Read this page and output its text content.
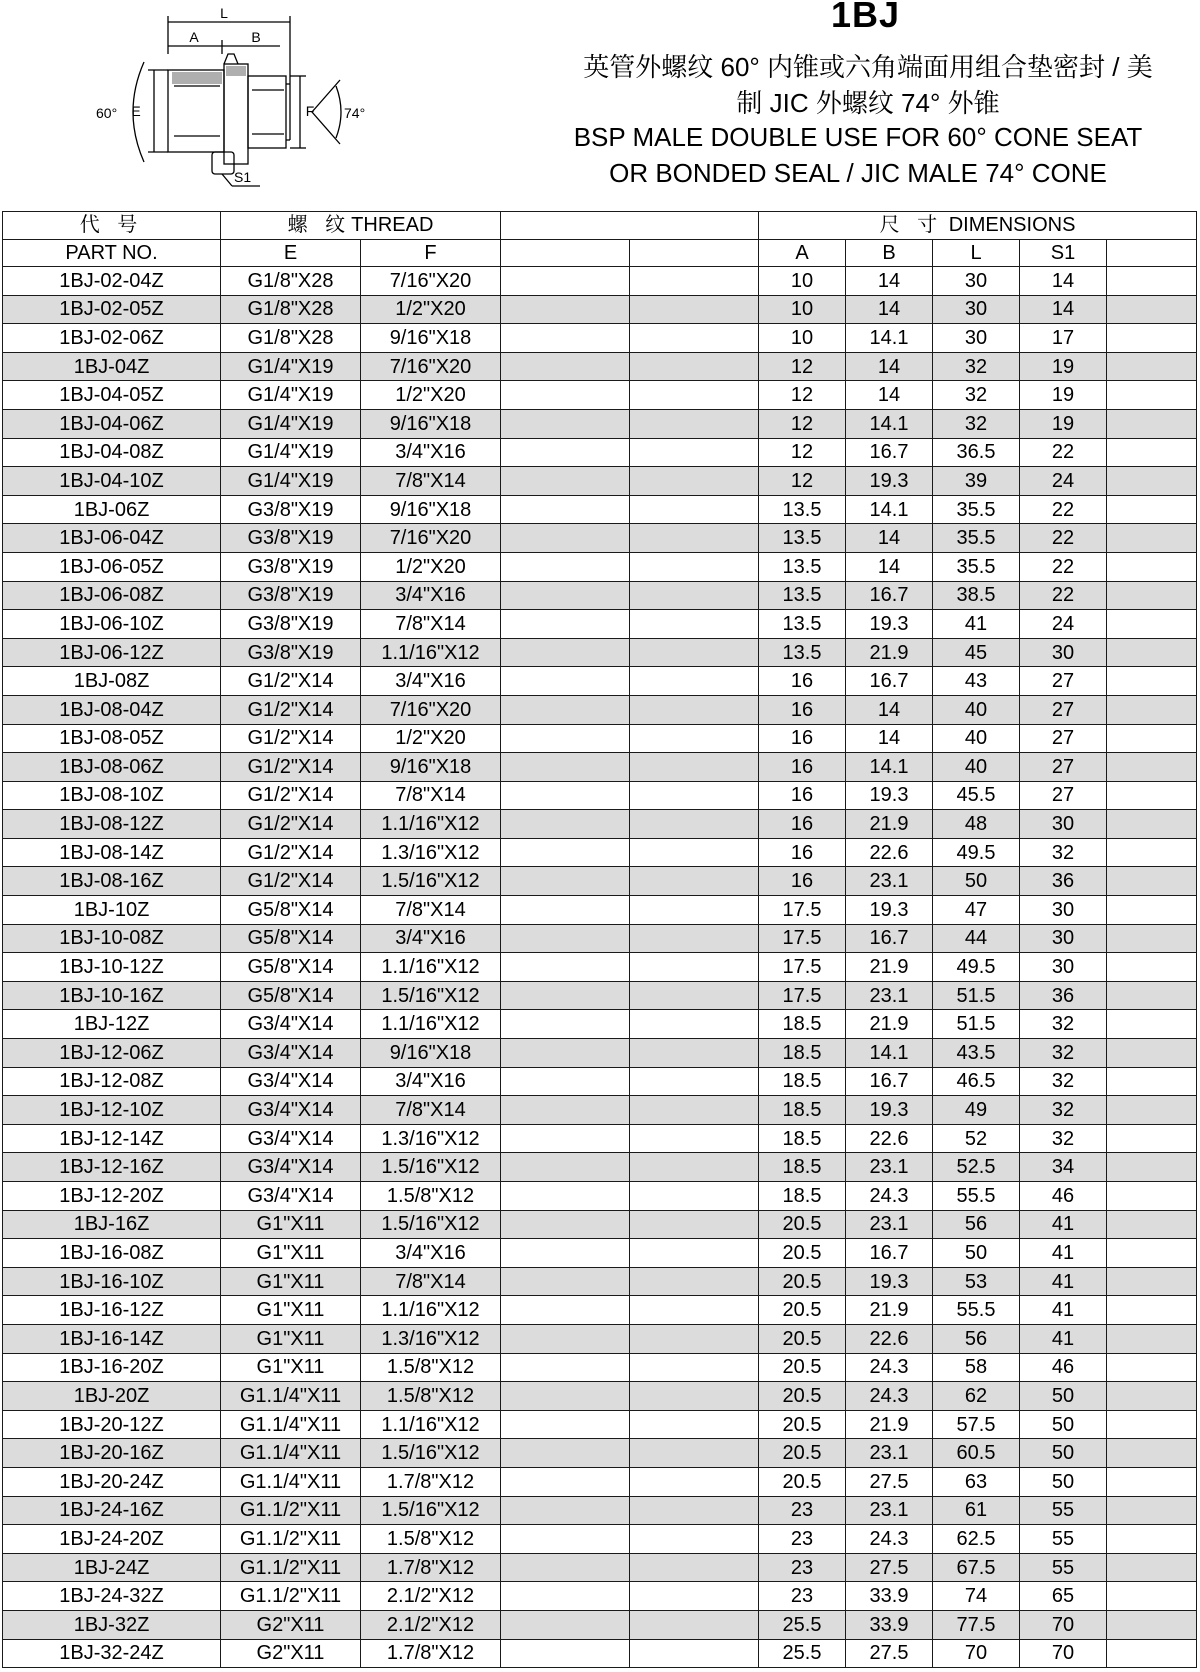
L
A	B
E	F
60°	74°
S1
1BJ
英管外螺纹 60° 内锥或六角端面用组合垫密封 / 美
制 JIC 外螺纹 74° 外锥
BSP MALE DOUBLE USE FOR 60° CONE SEAT
OR BONDED SEAL / JIC MALE 74° CONE
代 号	螺 纹THREAD				尺 寸 DIMENSIONS				
PART NO.	E	F			A	B	L	S1	
1BJ-02-04Z	G1/8"X28	7/16"X20			10	14	30	14	
1BJ-02-05Z	G1/8"X28	1/2"X20			10	14	30	14	
1BJ-02-06Z	G1/8"X28	9/16"X18			10	14.1	30	17	
1BJ-04Z	G1/4"X19	7/16"X20			12	14	32	19	
1BJ-04-05Z	G1/4"X19	1/2"X20			12	14	32	19	
1BJ-04-06Z	G1/4"X19	9/16"X18			12	14.1	32	19	
1BJ-04-08Z	G1/4"X19	3/4"X16			12	16.7	36.5	22	
1BJ-04-10Z	G1/4"X19	7/8"X14			12	19.3	39	24	
1BJ-06Z	G3/8"X19	9/16"X18			13.5	14.1	35.5	22	
1BJ-06-04Z	G3/8"X19	7/16"X20			13.5	14	35.5	22	
1BJ-06-05Z	G3/8"X19	1/2"X20			13.5	14	35.5	22	
1BJ-06-08Z	G3/8"X19	3/4"X16			13.5	16.7	38.5	22	
1BJ-06-10Z	G3/8"X19	7/8"X14			13.5	19.3	41	24	
1BJ-06-12Z	G3/8"X19	1.1/16"X12			13.5	21.9	45	30	
1BJ-08Z	G1/2"X14	3/4"X16			16	16.7	43	27	
1BJ-08-04Z	G1/2"X14	7/16"X20			16	14	40	27	
1BJ-08-05Z	G1/2"X14	1/2"X20			16	14	40	27	
1BJ-08-06Z	G1/2"X14	9/16"X18			16	14.1	40	27	
1BJ-08-10Z	G1/2"X14	7/8"X14			16	19.3	45.5	27	
1BJ-08-12Z	G1/2"X14	1.1/16"X12			16	21.9	48	30	
1BJ-08-14Z	G1/2"X14	1.3/16"X12			16	22.6	49.5	32	
1BJ-08-16Z	G1/2"X14	1.5/16"X12			16	23.1	50	36	
1BJ-10Z	G5/8"X14	7/8"X14			17.5	19.3	47	30	
1BJ-10-08Z	G5/8"X14	3/4"X16			17.5	16.7	44	30	
1BJ-10-12Z	G5/8"X14	1.1/16"X12			17.5	21.9	49.5	30	
1BJ-10-16Z	G5/8"X14	1.5/16"X12			17.5	23.1	51.5	36	
1BJ-12Z	G3/4"X14	1.1/16"X12			18.5	21.9	51.5	32	
1BJ-12-06Z	G3/4"X14	9/16"X18			18.5	14.1	43.5	32	
1BJ-12-08Z	G3/4"X14	3/4"X16			18.5	16.7	46.5	32	
1BJ-12-10Z	G3/4"X14	7/8"X14			18.5	19.3	49	32	
1BJ-12-14Z	G3/4"X14	1.3/16"X12			18.5	22.6	52	32	
1BJ-12-16Z	G3/4"X14	1.5/16"X12			18.5	23.1	52.5	34	
1BJ-12-20Z	G3/4"X14	1.5/8"X12			18.5	24.3	55.5	46	
1BJ-16Z	G1"X11	1.5/16"X12			20.5	23.1	56	41	
1BJ-16-08Z	G1"X11	3/4"X16			20.5	16.7	50	41	
1BJ-16-10Z	G1"X11	7/8"X14			20.5	19.3	53	41	
1BJ-16-12Z	G1"X11	1.1/16"X12			20.5	21.9	55.5	41	
1BJ-16-14Z	G1"X11	1.3/16"X12			20.5	22.6	56	41	
1BJ-16-20Z	G1"X11	1.5/8"X12			20.5	24.3	58	46	
1BJ-20Z	G1.1/4"X11	1.5/8"X12			20.5	24.3	62	50	
1BJ-20-12Z	G1.1/4"X11	1.1/16"X12			20.5	21.9	57.5	50	
1BJ-20-16Z	G1.1/4"X11	1.5/16"X12			20.5	23.1	60.5	50	
1BJ-20-24Z	G1.1/4"X11	1.7/8"X12			20.5	27.5	63	50	
1BJ-24-16Z	G1.1/2"X11	1.5/16"X12			23	23.1	61	55	
1BJ-24-20Z	G1.1/2"X11	1.5/8"X12			23	24.3	62.5	55	
1BJ-24Z	G1.1/2"X11	1.7/8"X12			23	27.5	67.5	55	
1BJ-24-32Z	G1.1/2"X11	2.1/2"X12			23	33.9	74	65	
1BJ-32Z	G2"X11	2.1/2"X12			25.5	33.9	77.5	70	
1BJ-32-24Z	G2"X11	1.7/8"X12			25.5	27.5	70	70	
